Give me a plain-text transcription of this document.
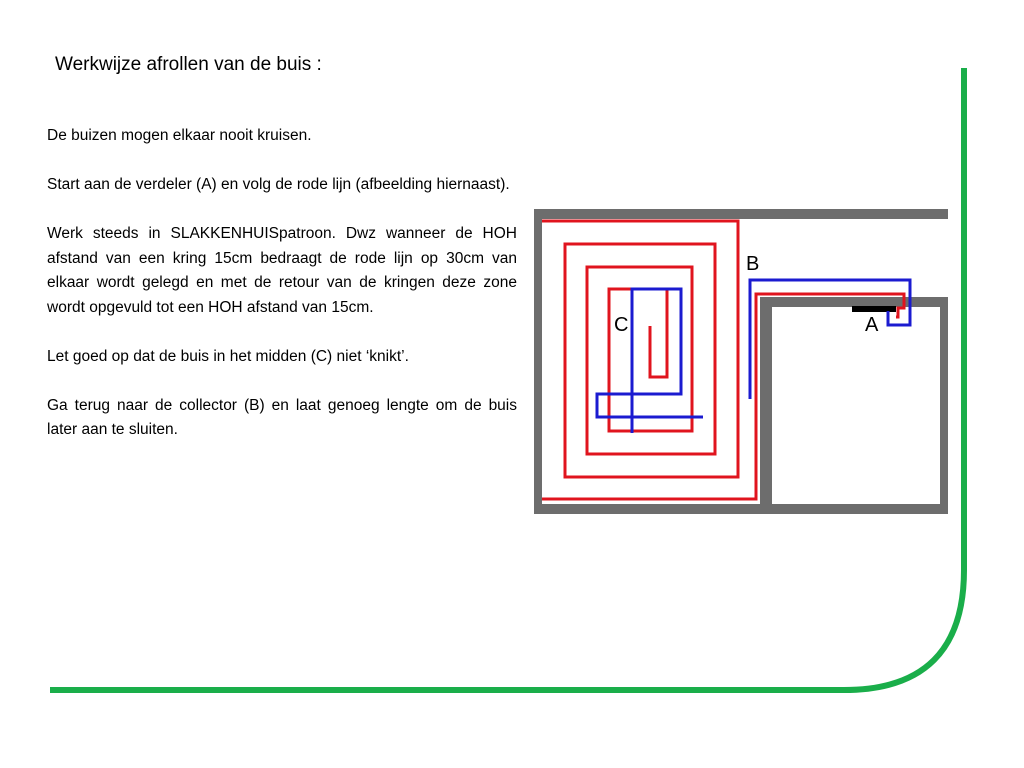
Werkwijze afrollen van de buis :

De buizen mogen elkaar nooit kruisen.

Start aan de verdeler (A) en volg de rode lijn (afbeelding hiernaast).

Werk steeds in SLAKKENHUISpatroon. Dwz wanneer de HOH afstand van een kring 15cm bedraagt de rode lijn op 30cm van elkaar wordt gelegd en met de retour van de kringen deze zone wordt opgevuld tot een HOH afstand van 15cm.

Let goed op dat de buis in het midden (C) niet ‘knikt’.

Ga terug naar de collector (B) en laat genoeg lengte om de buis later aan te sluiten.

B
A
C
